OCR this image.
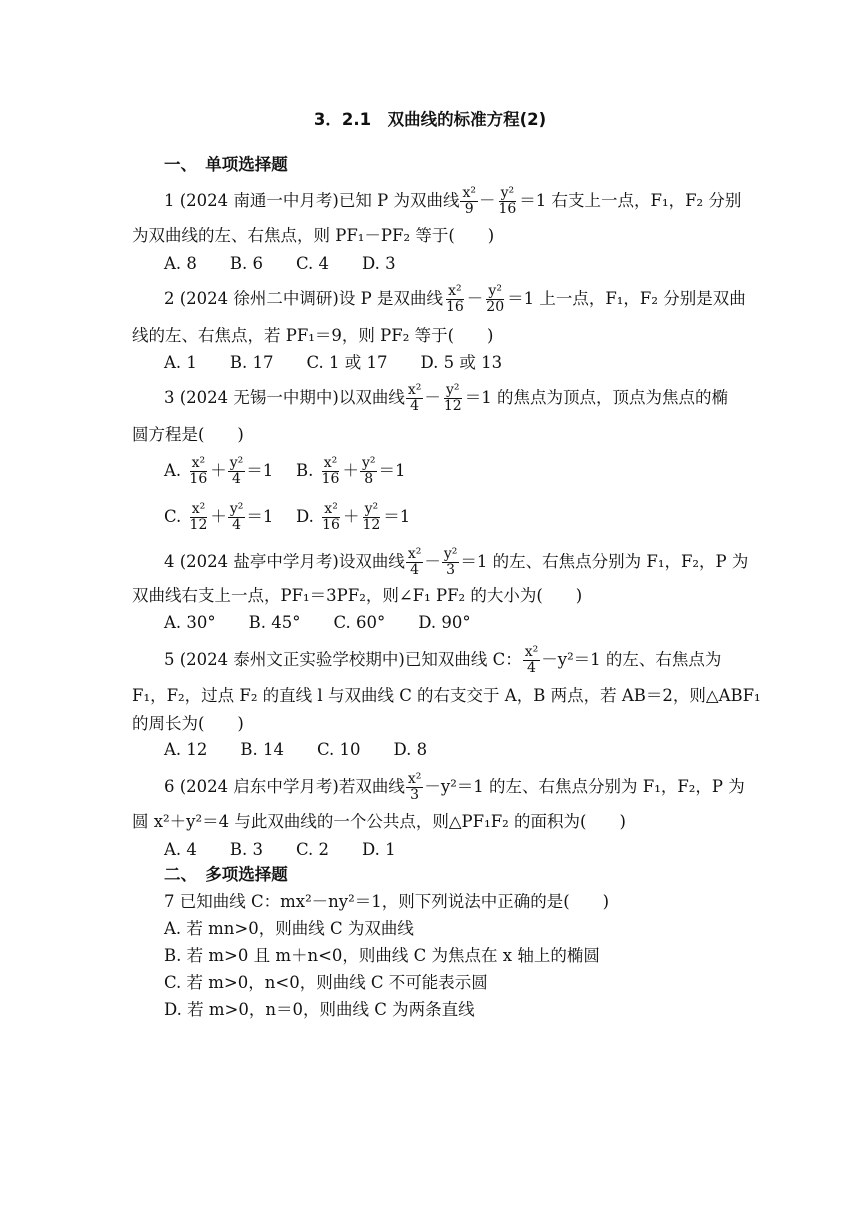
3．2.1　双曲线的标准方程(2)
一、　单项选择题
1 (2024 南通一中月考)已知 P 为双曲线 $\frac{\text{x²}}{9} - \frac{\text{y²}}{16} =1$ 右支上一点，F₁，F₂ 分别
为双曲线的左、右焦点，则 PF₁－PF₂ 等于(　　)
A. 8　　B. 6　　C. 4　　D. 3
2 (2024 徐州二中调研)设 P 是双曲线 $\frac{\text{x²}}{16} - \frac{\text{y²}}{20} =1$ 上一点，F₁，F₂ 分别是双曲
线的左、右焦点，若 PF₁＝9，则 PF₂ 等于(　　)
A. 1　　B. 17　　C. 1 或 17　　D. 5 或 13
3 (2024 无锡一中期中)以双曲线 $\frac{\text{x²}}{4} - \frac{\text{y²}}{12} =1$ 的焦点为顶点，顶点为焦点的椭
圆方程是(　　)
A. $\frac{\text{x²}}{16} + \frac{\text{y²}}{4} =1$ B. $\frac{\text{x²}}{16} + \frac{\text{y²}}{8} =1$
C. $\frac{\text{x²}}{12} + \frac{\text{y²}}{4} =1$ D. $\frac{\text{x²}}{16} + \frac{\text{y²}}{12} =1$
4 (2024 盐亭中学月考)设双曲线 $\frac{\text{x²}}{4} - \frac{\text{y²}}{3} =1$ 的左、右焦点分别为 F₁，F₂，P 为
双曲线右支上一点，PF₁＝3PF₂，则∠F₁ PF₂ 的大小为(　　)
A. 30°　　B. 45°　　C. 60°　　D. 90°
5 (2024 泰州文正实验学校期中)已知双曲线 C： $\frac{\text{x²}}{4} -y^2=1$ 的左、右焦点为
F₁，F₂，过点 F₂ 的直线 l 与双曲线 C 的右支交于 A，B 两点，若 AB＝2，则△ABF₁
的周长为(　　)
A. 12　　B. 14　　C. 10　　D. 8
6 (2024 启东中学月考)若双曲线 $\frac{\text{x²}}{3} -y^2=1$ 的左、右焦点分别为 F₁，F₂，P 为
圆 x²＋y²＝4 与此双曲线的一个公共点，则△PF₁F₂ 的面积为(　　)
A. 4　　B. 3　　C. 2　　D. 1
二、　多项选择题
7 已知曲线 C：mx²－ny²＝1，则下列说法中正确的是(　　)
A. 若 mn>0，则曲线 C 为双曲线
B. 若 m>0 且 m＋n<0，则曲线 C 为焦点在 x 轴上的椭圆
C. 若 m>0，n<0，则曲线 C 不可能表示圆
D. 若 m>0，n＝0，则曲线 C 为两条直线
